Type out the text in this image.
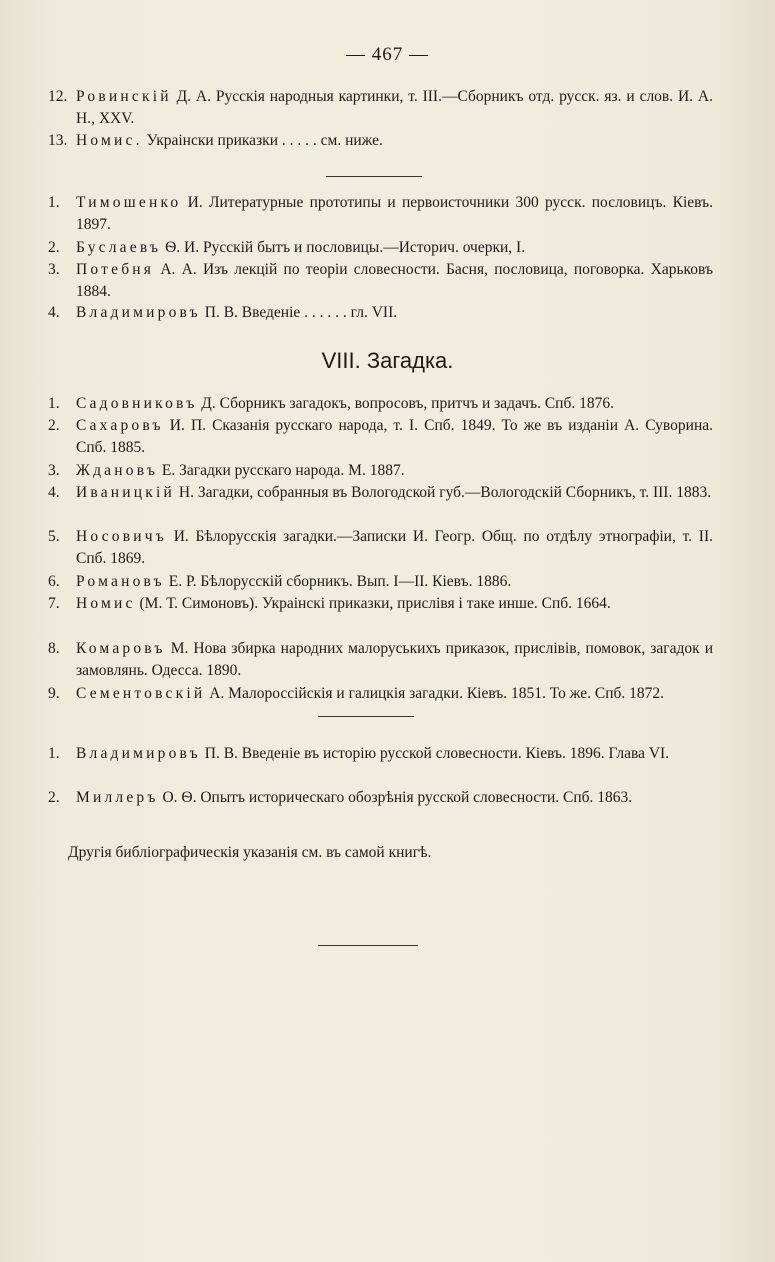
— 467 —
12. Ровинскій Д. А. Русскія народныя картинки, т. III.—Сборникъ отд. русск. яз. и слов. И. А. Н., XXV.
13. Номис. Украінски приказки . . . . . см. ниже.
1. Тимошенко И. Литературные прототипы и первоисточники 300 русск. пословицъ. Кіевъ. 1897.
2. Буслаевъ Ѳ. И. Русскій бытъ и пословицы.—Историч. очерки, I.
3. Потебня А. А. Изъ лекцій по теоріи словесности. Басня, пословица, поговорка. Харьковъ 1884.
4. Владимировъ П. В. Введеніе . . . . . . гл. VII.
VIII. Загадка.
1. Садовниковъ Д. Сборникъ загадокъ, вопросовъ, притчъ и задачъ. Спб. 1876.
2. Сахаровъ И. П. Сказанія русскаго народа, т. I. Спб. 1849. То же въ изданіи А. Суворина. Спб. 1885.
3. Ждановъ Е. Загадки русскаго народа. М. 1887.
4. Иваницкій Н. Загадки, собранныя въ Вологодской губ.—Вологодскій Сборникъ, т. III. 1883.
5. Носовичъ И. Бѣлорусскія загадки.—Записки И. Геогр. Общ. по отдѣлу этнографіи, т. II. Спб. 1869.
6. Романовъ Е. Р. Бѣлорусскій сборникъ. Вып. I—II. Кіевъ. 1886.
7. Номис (М. Т. Симоновъ). Украінскі приказки, прислівя і таке инше. Спб. 1664.
8. Комаровъ М. Нова збирка народних малоруськихъ приказок, прислівів, помовок, загадок и замовлянь. Одесса. 1890.
9. Сементовскій А. Малороссійскія и галицкія загадки. Кіевъ. 1851. То же. Спб. 1872.
1. Владимировъ П. В. Введеніе въ исторію русской словесности. Кіевъ. 1896. Глава VI.
2. Миллеръ О. Ѳ. Опытъ историческаго обозрѣнія русской словесности. Спб. 1863.
Другія библіографическія указанія см. въ самой книгѣ.
